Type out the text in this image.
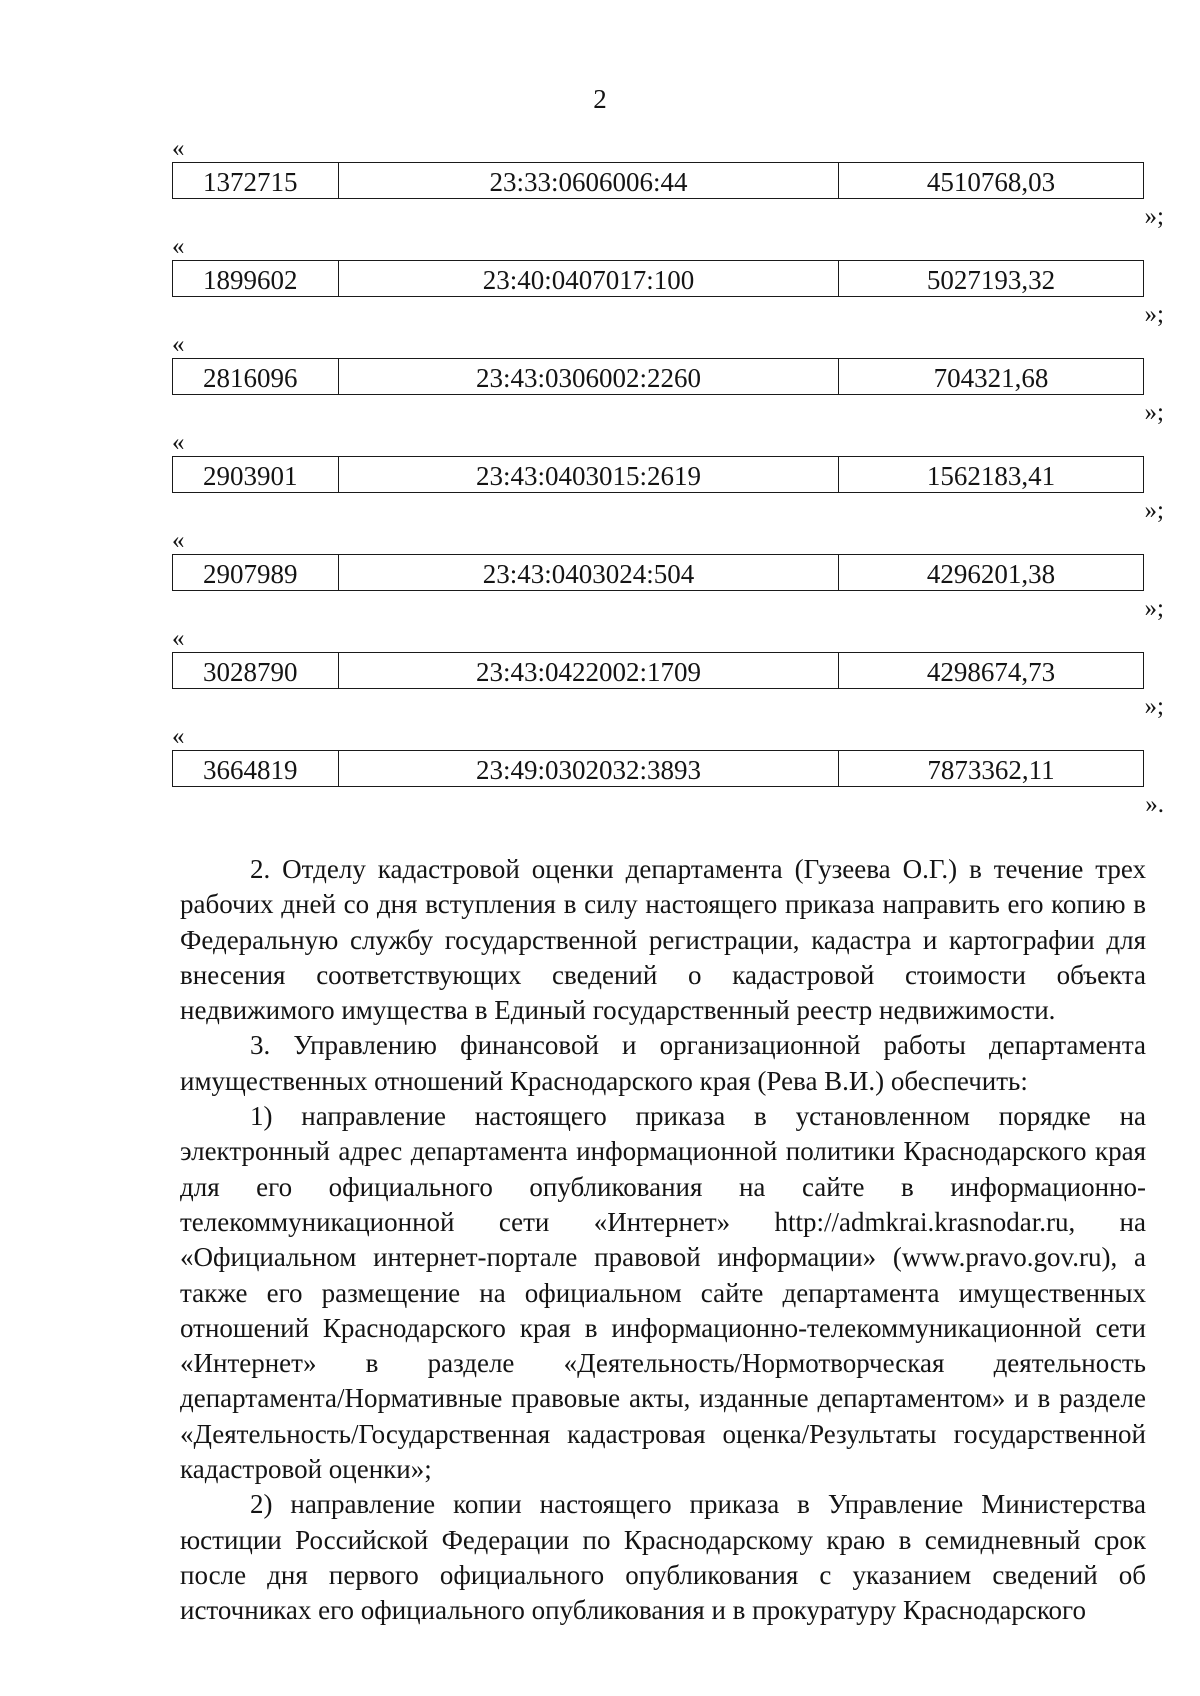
2
«
1372715	23:33:0606006:44	4510768,03
»;
«
1899602	23:40:0407017:100	5027193,32
»;
«
2816096	23:43:0306002:2260	704321,68
»;
«
2903901	23:43:0403015:2619	1562183,41
»;
«
2907989	23:43:0403024:504	4296201,38
»;
«
3028790	23:43:0422002:1709	4298674,73
»;
«
3664819	23:49:0302032:3893	7873362,11
».

2. Отделу кадастровой оценки департамента (Гузеева О.Г.) в течение трех рабочих дней со дня вступления в силу настоящего приказа направить его копию в Федеральную службу государственной регистрации, кадастра и картографии для внесения соответствующих сведений о кадастровой стоимости объекта недвижимого имущества в Единый государственный реестр недвижимости.

3. Управлению финансовой и организационной работы департамента имущественных отношений Краснодарского края (Рева В.И.) обеспечить:

1) направление настоящего приказа в установленном порядке на электронный адрес департамента информационной политики Краснодарского края для его официального опубликования на сайте в информационно-телекоммуникационной сети «Интернет» http://admkrai.krasnodar.ru, на «Официальном интернет-портале правовой информации» (www.pravo.gov.ru), а также его размещение на официальном сайте департамента имущественных отношений Краснодарского края в информационно-телекоммуникационной сети «Интернет» в разделе «Деятельность/Нормотворческая деятельность департамента/Нормативные правовые акты, изданные департаментом» и в разделе «Деятельность/Государственная кадастровая оценка/Результаты государственной кадастровой оценки»;

2) направление копии настоящего приказа в Управление Министерства юстиции Российской Федерации по Краснодарскому краю в семидневный срок после дня первого официального опубликования с указанием сведений об источниках его официального опубликования и в прокуратуру Краснодарского
